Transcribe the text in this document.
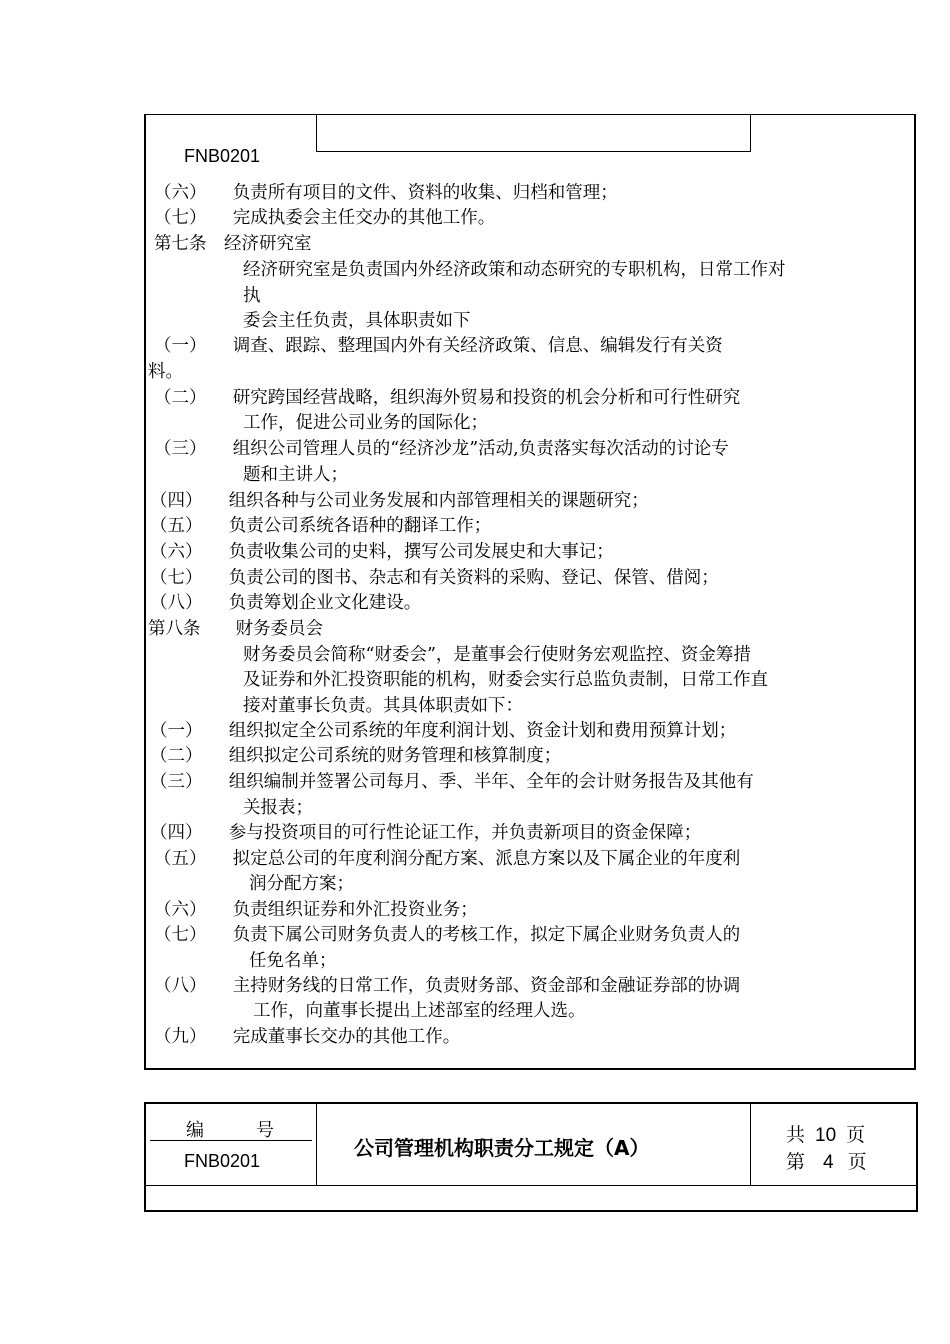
FNB0201
（六）　　负责所有项目的文件、资料的收集、归档和管理；
（七）　　完成执委会主任交办的其他工作。
第七条　经济研究室
经济研究室是负责国内外经济政策和动态研究的专职机构，日常工作对
执
委会主任负责，具体职责如下
（一）　　调查、跟踪、整理国内外有关经济政策、信息、编辑发行有关资
料。
（二）　　研究跨国经营战略，组织海外贸易和投资的机会分析和可行性研究
工作，促进公司业务的国际化；
（三）　　组织公司管理人员的“经济沙龙”活动,负责落实每次活动的讨论专
题和主讲人；
（四）　　组织各种与公司业务发展和内部管理相关的课题研究；
（五）　　负责公司系统各语种的翻译工作；
（六）　　负责收集公司的史料，撰写公司发展史和大事记；
（七）　　负责公司的图书、杂志和有关资料的采购、登记、保管、借阅；
（八）　　负责筹划企业文化建设。
第八条　　财务委员会
财务委员会简称“财委会”，是董事会行使财务宏观监控、资金筹措
及证券和外汇投资职能的机构，财委会实行总监负责制，日常工作直
接对董事长负责。其具体职责如下：
（一）　　组织拟定全公司系统的年度利润计划、资金计划和费用预算计划；
（二）　　组织拟定公司系统的财务管理和核算制度；
（三）　　组织编制并签署公司每月、季、半年、全年的会计财务报告及其他有
关报表；
（四）　　参与投资项目的可行性论证工作，并负责新项目的资金保障；
（五）　　拟定总公司的年度利润分配方案、派息方案以及下属企业的年度利
润分配方案；
（六）　　负责组织证券和外汇投资业务；
（七）　　负责下属公司财务负责人的考核工作，拟定下属企业财务负责人的
任免名单；
（八）　　主持财务线的日常工作，负责财务部、资金部和金融证券部的协调
工作，向董事长提出上述部室的经理人选。
（九）　　完成董事长交办的其他工作。
编号
FNB0201
公司管理机构职责分工规定（A）
共 10 页
第 4 页
